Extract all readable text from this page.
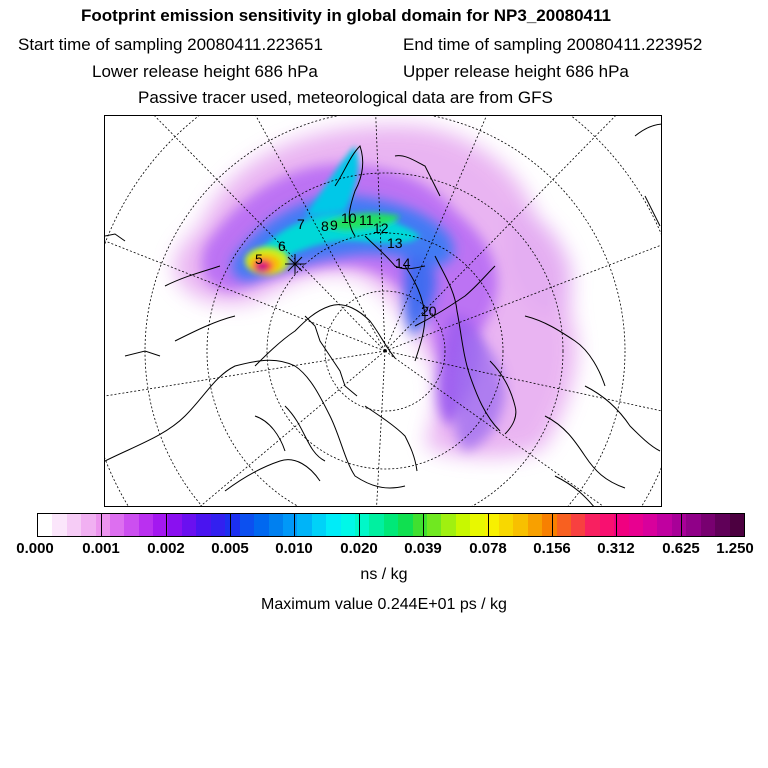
Footprint emission sensitivity in global domain for NP3_20080411
Start time of sampling 20080411.223651	End time of sampling 20080411.223952
Lower release height 686 hPa	Upper release height 686 hPa
Passive tracer used, meteorological data are from GFS
5
6
7 8 9 10 11 12
13
14
20
0.000 0.001 0.002 0.005 0.010 0.020 0.039 0.078 0.156 0.312 0.625 1.250
ns / kg
Maximum value 0.244E+01 ps / kg
